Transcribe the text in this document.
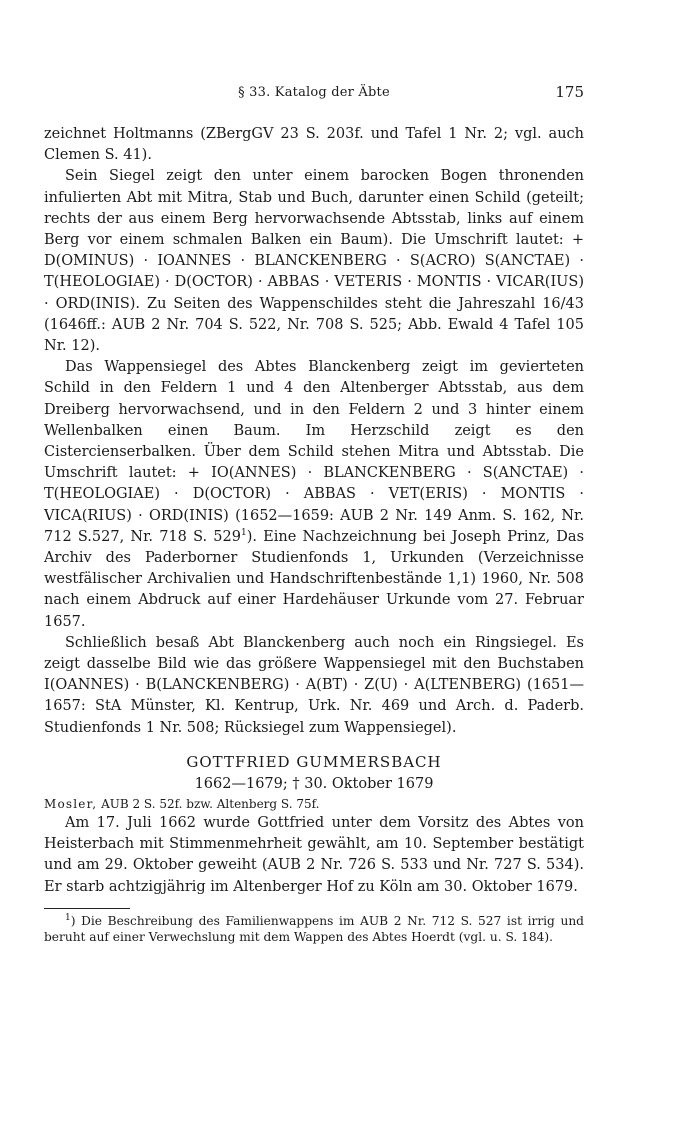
§ 33. Katalog der Äbte	175

zeichnet Holtmanns (ZBergGV 23 S. 203f. und Tafel 1 Nr. 2; vgl. auch Clemen S. 41).

Sein Siegel zeigt den unter einem barocken Bogen thronenden infulierten Abt mit Mitra, Stab und Buch, darunter einen Schild (geteilt; rechts der aus einem Berg hervorwachsende Abtsstab, links auf einem Berg vor einem schmalen Balken ein Baum). Die Umschrift lautet: + D(OMINUS) · IOANNES · BLANCKENBERG · S(ACRO) S(ANCTAE) · T(HEOLOGIAE) · D(OCTOR) · ABBAS · VETERIS · MONTIS · VICAR(IUS) · ORD(INIS). Zu Seiten des Wappenschildes steht die Jahreszahl 16/43 (1646ff.: AUB 2 Nr. 704 S. 522, Nr. 708 S. 525; Abb. Ewald 4 Tafel 105 Nr. 12).

Das Wappensiegel des Abtes Blanckenberg zeigt im gevierteten Schild in den Feldern 1 und 4 den Altenberger Abtsstab, aus dem Dreiberg hervorwachsend, und in den Feldern 2 und 3 hinter einem Wellenbalken einen Baum. Im Herzschild zeigt es den Cistercienserbalken. Über dem Schild stehen Mitra und Abtsstab. Die Umschrift lautet: + IO(ANNES) · BLANCKENBERG · S(ANCTAE) · T(HEOLOGIAE) · D(OCTOR) · ABBAS · VET(ERIS) · MONTIS · VICA(RIUS) · ORD(INIS) (1652—1659: AUB 2 Nr. 149 Anm. S. 162, Nr. 712 S.527, Nr. 718 S. $529^1$). Eine Nachzeichnung bei Joseph Prinz, Das Archiv des Paderborner Studienfonds 1, Urkunden (Verzeichnisse westfälischer Archivalien und Handschriftenbestände 1,1) 1960, Nr. 508 nach einem Abdruck auf einer Hardehäuser Urkunde vom 27. Februar 1657.

Schließlich besaß Abt Blanckenberg auch noch ein Ringsiegel. Es zeigt dasselbe Bild wie das größere Wappensiegel mit den Buchstaben I(OANNES) · B(LANCKENBERG) · A(BT) · Z(U) · A(LTENBERG) (1651—1657: StA Münster, Kl. Kentrup, Urk. Nr. 469 und Arch. d. Paderb. Studienfonds 1 Nr. 508; Rücksiegel zum Wappensiegel).

GOTTFRIED GUMMERSBACH
1662—1679; † 30. Oktober 1679

Mosler, AUB 2 S. 52f. bzw. Altenberg S. 75f.

Am 17. Juli 1662 wurde Gottfried unter dem Vorsitz des Abtes von Heisterbach mit Stimmenmehrheit gewählt, am 10. September bestätigt und am 29. Oktober geweiht (AUB 2 Nr. 726 S. 533 und Nr. 727 S. 534). Er starb achtzigjährig im Altenberger Hof zu Köln am 30. Oktober 1679.

$^1$) Die Beschreibung des Familienwappens im AUB 2 Nr. 712 S. 527 ist irrig und beruht auf einer Verwechslung mit dem Wappen des Abtes Hoerdt (vgl. u. S. 184).
